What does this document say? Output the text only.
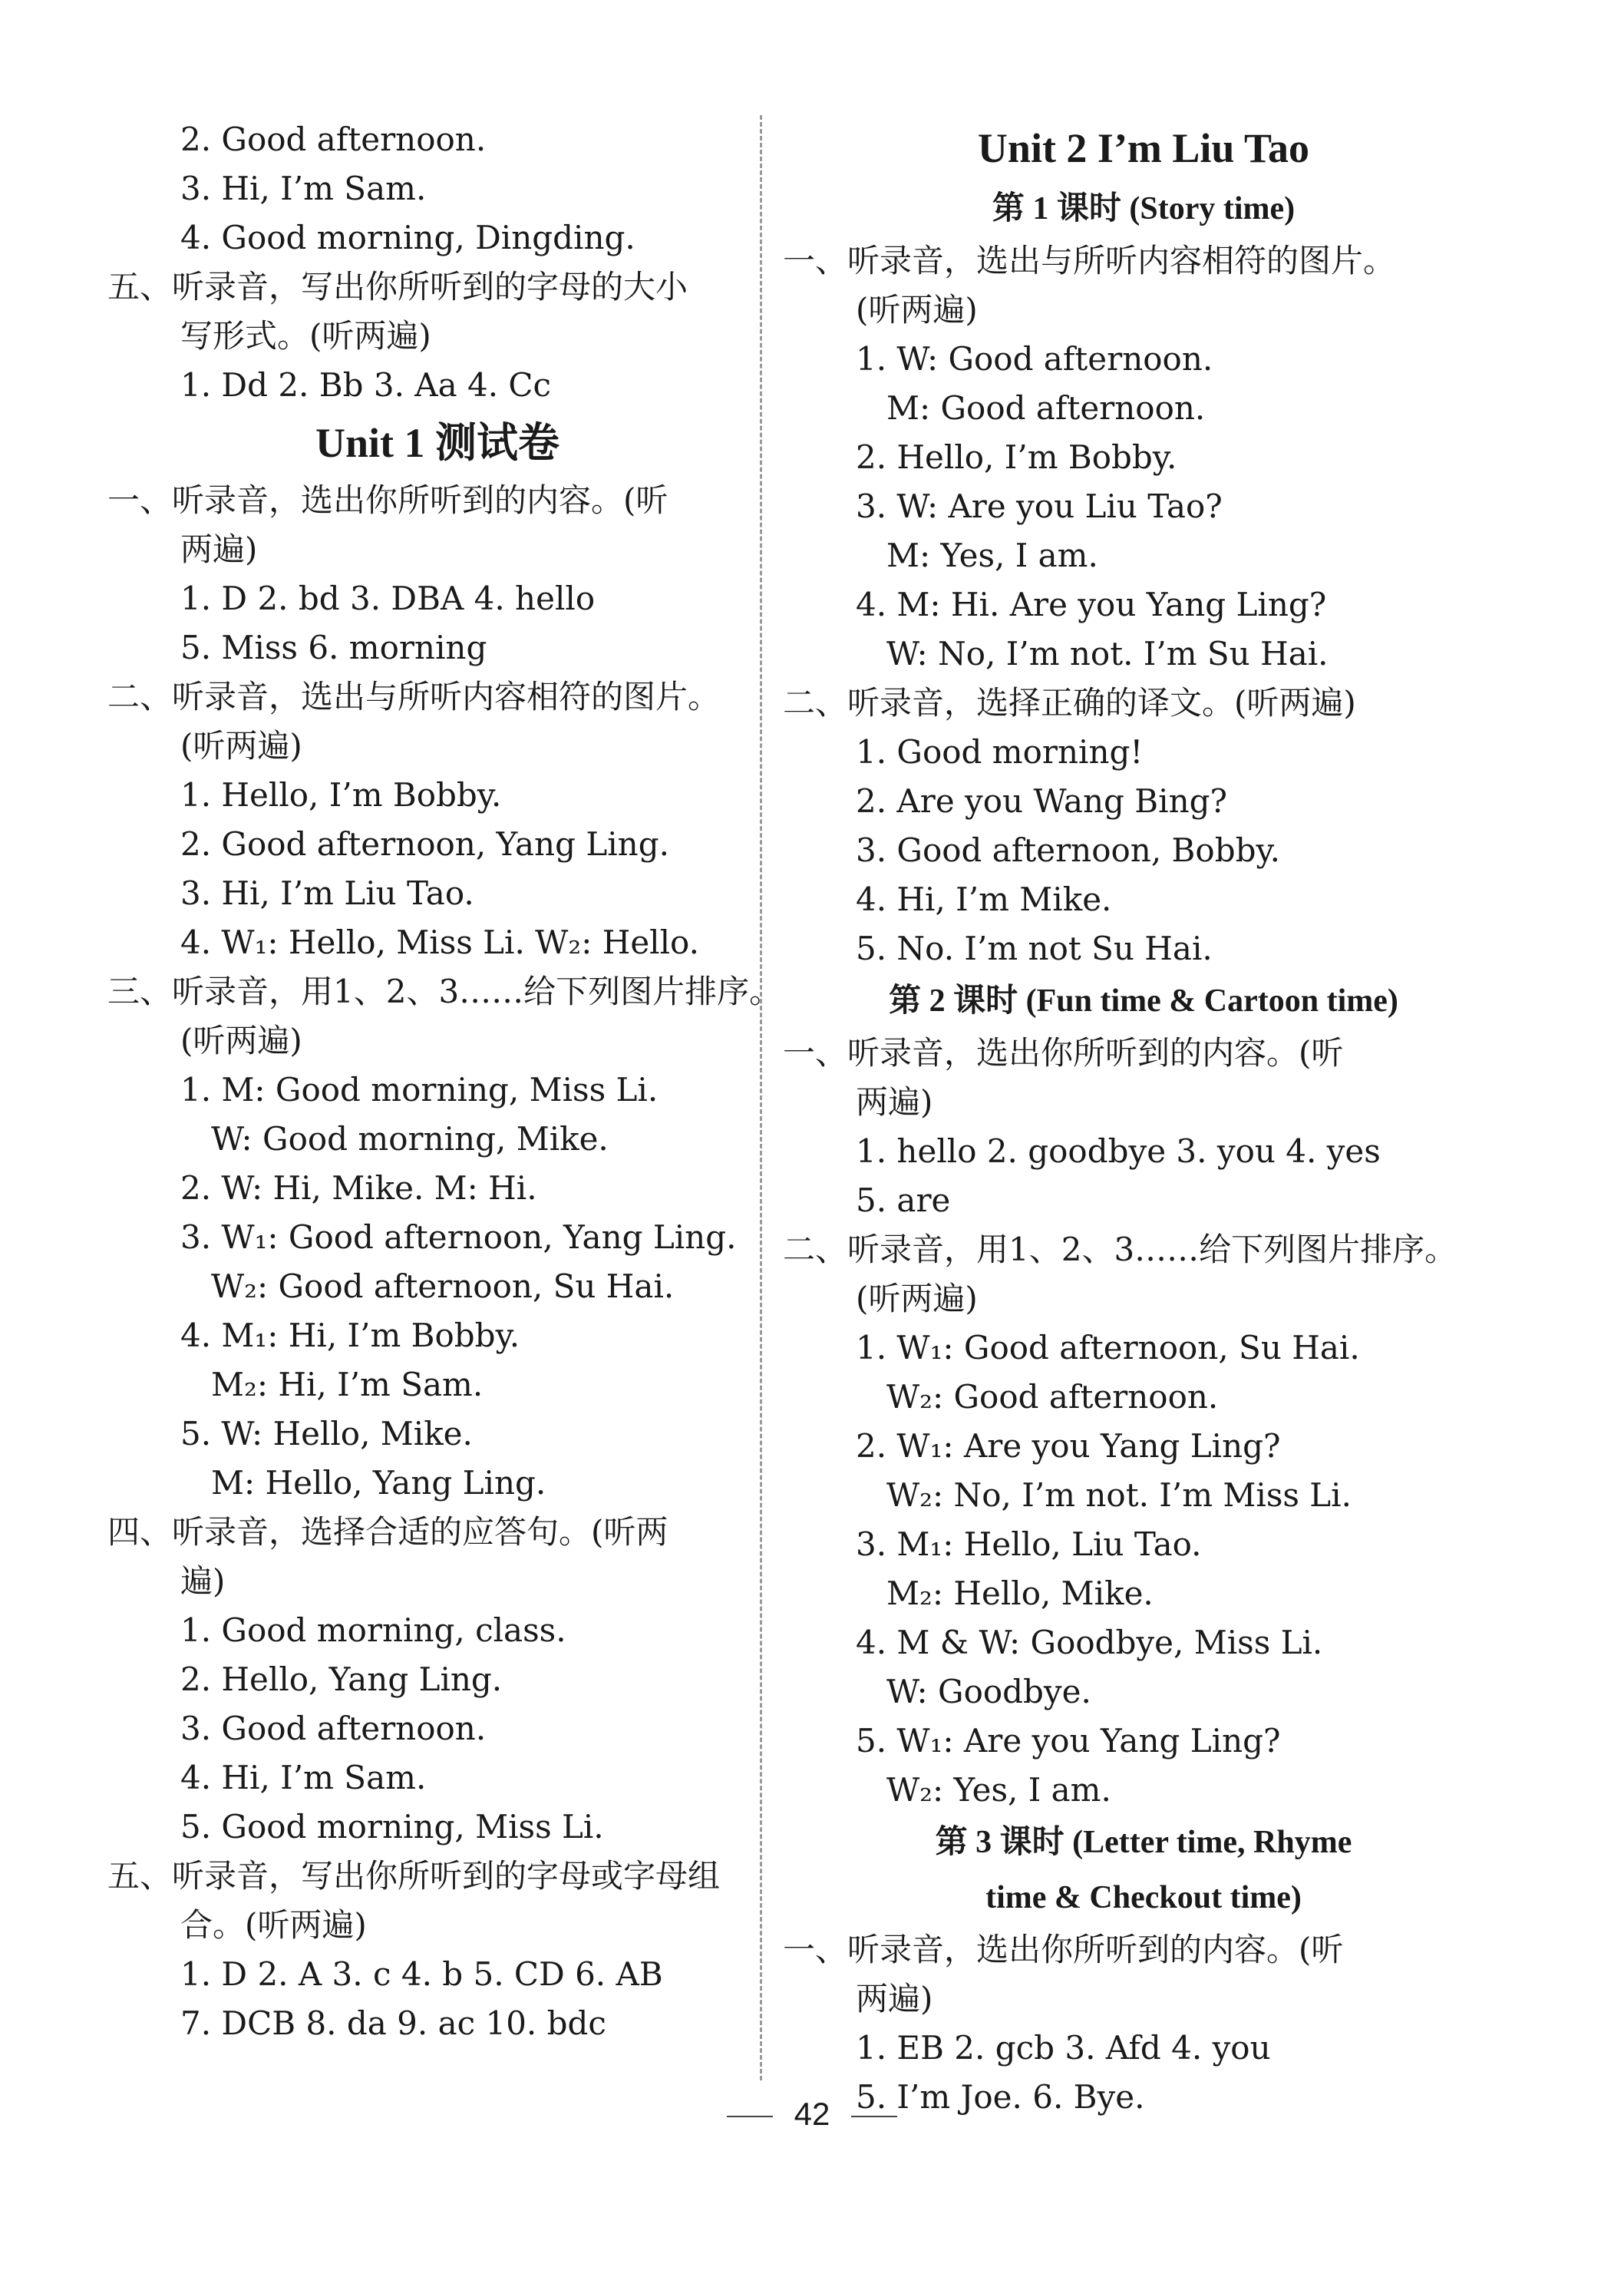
2. Good afternoon.
3. Hi, I’m Sam.
4. Good morning, Dingding.
五、听录音，写出你所听到的字母的大小
写形式。(听两遍)
1. Dd 2. Bb 3. Aa 4. Cc
Unit 1 测试卷
一、听录音，选出你所听到的内容。(听
两遍)
1. D 2. bd 3. DBA 4. hello
5. Miss 6. morning
二、听录音，选出与所听内容相符的图片。
(听两遍)
1. Hello, I’m Bobby.
2. Good afternoon, Yang Ling.
3. Hi, I’m Liu Tao.
4. W₁: Hello, Miss Li. W₂: Hello.
三、听录音，用1、2、3……给下列图片排序。
(听两遍)
1. M: Good morning, Miss Li.
W: Good morning, Mike.
2. W: Hi, Mike. M: Hi.
3. W₁: Good afternoon, Yang Ling.
W₂: Good afternoon, Su Hai.
4. M₁: Hi, I’m Bobby.
M₂: Hi, I’m Sam.
5. W: Hello, Mike.
M: Hello, Yang Ling.
四、听录音，选择合适的应答句。(听两
遍)
1. Good morning, class.
2. Hello, Yang Ling.
3. Good afternoon.
4. Hi, I’m Sam.
5. Good morning, Miss Li.
五、听录音，写出你所听到的字母或字母组
合。(听两遍)
1. D 2. A 3. c 4. b 5. CD 6. AB
7. DCB 8. da 9. ac 10. bdc
Unit 2 I’m Liu Tao
第 1 课时 (Story time)
一、听录音，选出与所听内容相符的图片。
(听两遍)
1. W: Good afternoon.
M: Good afternoon.
2. Hello, I’m Bobby.
3. W: Are you Liu Tao?
M: Yes, I am.
4. M: Hi. Are you Yang Ling?
W: No, I’m not. I’m Su Hai.
二、听录音，选择正确的译文。(听两遍)
1. Good morning!
2. Are you Wang Bing?
3. Good afternoon, Bobby.
4. Hi, I’m Mike.
5. No. I’m not Su Hai.
第 2 课时 (Fun time & Cartoon time)
一、听录音，选出你所听到的内容。(听
两遍)
1. hello 2. goodbye 3. you 4. yes
5. are
二、听录音，用1、2、3……给下列图片排序。
(听两遍)
1. W₁: Good afternoon, Su Hai.
W₂: Good afternoon.
2. W₁: Are you Yang Ling?
W₂: No, I’m not. I’m Miss Li.
3. M₁: Hello, Liu Tao.
M₂: Hello, Mike.
4. M & W: Goodbye, Miss Li.
W: Goodbye.
5. W₁: Are you Yang Ling?
W₂: Yes, I am.
第 3 课时 (Letter time, Rhyme
time & Checkout time)
一、听录音，选出你所听到的内容。(听
两遍)
1. EB 2. gcb 3. Afd 4. you
5. I’m Joe. 6. Bye.
42
